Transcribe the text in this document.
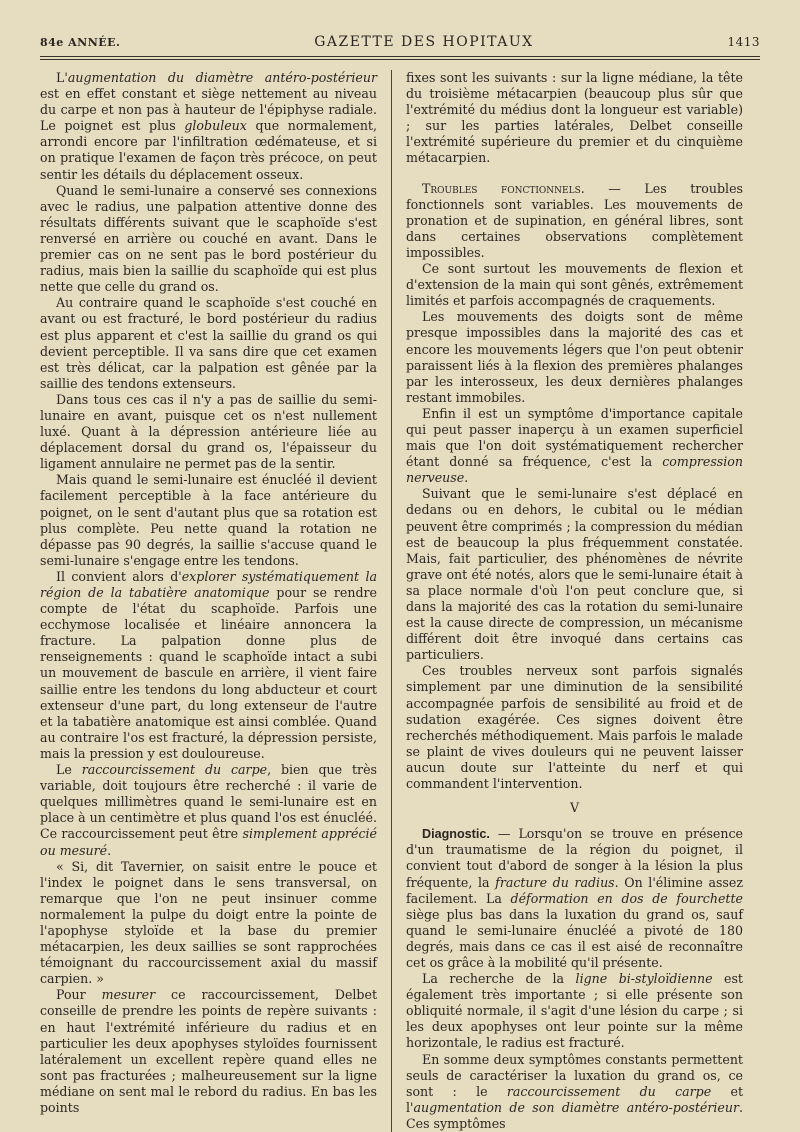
84e ANNÉE.	GAZETTE DES HOPITAUX	1413

L'augmentation du diamètre antéro-postérieur est en effet constant et siège nettement au niveau du carpe et non pas à hauteur de l'épiphyse radiale. Le poignet est plus globuleux que normalement, arrondi encore par l'infiltration œdémateuse, et si on pratique l'examen de façon très précoce, on peut sentir les détails du déplacement osseux.

Quand le semi-lunaire a conservé ses connexions avec le radius, une palpation attentive donne des résultats différents suivant que le scaphoïde s'est renversé en arrière ou couché en avant. Dans le premier cas on ne sent pas le bord postérieur du radius, mais bien la saillie du scaphoïde qui est plus nette que celle du grand os.

Au contraire quand le scaphoïde s'est couché en avant ou est fracturé, le bord postérieur du radius est plus apparent et c'est la saillie du grand os qui devient perceptible. Il va sans dire que cet examen est très délicat, car la palpation est gênée par la saillie des tendons extenseurs.

Dans tous ces cas il n'y a pas de saillie du semi-lunaire en avant, puisque cet os n'est nullement luxé. Quant à la dépression antérieure liée au déplacement dorsal du grand os, l'épaisseur du ligament annulaire ne permet pas de la sentir.

Mais quand le semi-lunaire est énucléé il devient facilement perceptible à la face antérieure du poignet, on le sent d'autant plus que sa rotation est plus complète. Peu nette quand la rotation ne dépasse pas 90 degrés, la saillie s'accuse quand le semi-lunaire s'engage entre les tendons.

Il convient alors d'explorer systématiquement la région de la tabatière anatomique pour se rendre compte de l'état du scaphoïde. Parfois une ecchymose localisée et linéaire annoncera la fracture. La palpation donne plus de renseignements : quand le scaphoïde intact a subi un mouvement de bascule en arrière, il vient faire saillie entre les tendons du long abducteur et court extenseur d'une part, du long extenseur de l'autre et la tabatière anatomique est ainsi comblée. Quand au contraire l'os est fracturé, la dépression persiste, mais la pression y est douloureuse.

Le raccourcissement du carpe, bien que très variable, doit toujours être recherché : il varie de quelques millimètres quand le semi-lunaire est en place à un centimètre et plus quand l'os est énucléé. Ce raccourcissement peut être simplement apprécié ou mesuré.

« Si, dit Tavernier, on saisit entre le pouce et l'index le poignet dans le sens transversal, on remarque que l'on ne peut insinuer comme normalement la pulpe du doigt entre la pointe de l'apophyse styloïde et la base du premier métacarpien, les deux saillies se sont rapprochées témoignant du raccourcissement axial du massif carpien. »

Pour mesurer ce raccourcissement, Delbet conseille de prendre les points de repère suivants : en haut l'extrémité inférieure du radius et en particulier les deux apophyses styloïdes fournissent latéralement un excellent repère quand elles ne sont pas fracturées ; malheureusement sur la ligne médiane on sent mal le rebord du radius. En bas les points

fixes sont les suivants : sur la ligne médiane, la tête du troisième métacarpien (beaucoup plus sûr que l'extrémité du médius dont la longueur est variable) ; sur les parties latérales, Delbet conseille l'extrémité supérieure du premier et du cinquième métacarpien.

Troubles fonctionnels. — Les troubles fonctionnels sont variables. Les mouvements de pronation et de supination, en général libres, sont dans certaines observations complètement impossibles.

Ce sont surtout les mouvements de flexion et d'extension de la main qui sont gênés, extrêmement limités et parfois accompagnés de craquements.

Les mouvements des doigts sont de même presque impossibles dans la majorité des cas et encore les mouvements légers que l'on peut obtenir paraissent liés à la flexion des premières phalanges par les interosseux, les deux dernières phalanges restant immobiles.

Enfin il est un symptôme d'importance capitale qui peut passer inaperçu à un examen superficiel mais que l'on doit systématiquement rechercher étant donné sa fréquence, c'est la compression nerveuse.

Suivant que le semi-lunaire s'est déplacé en dedans ou en dehors, le cubital ou le médian peuvent être comprimés ; la compression du médian est de beaucoup la plus fréquemment constatée. Mais, fait particulier, des phénomènes de névrite grave ont été notés, alors que le semi-lunaire était à sa place normale d'où l'on peut conclure que, si dans la majorité des cas la rotation du semi-lunaire est la cause directe de compression, un mécanisme différent doit être invoqué dans certains cas particuliers.

Ces troubles nerveux sont parfois signalés simplement par une diminution de la sensibilité accompagnée parfois de sensibilité au froid et de sudation exagérée. Ces signes doivent être recherchés méthodiquement. Mais parfois le malade se plaint de vives douleurs qui ne peuvent laisser aucun doute sur l'atteinte du nerf et qui commandent l'intervention.

V

Diagnostic. — Lorsqu'on se trouve en présence d'un traumatisme de la région du poignet, il convient tout d'abord de songer à la lésion la plus fréquente, la fracture du radius. On l'élimine assez facilement. La déformation en dos de fourchette siège plus bas dans la luxation du grand os, sauf quand le semi-lunaire énucléé a pivoté de 180 degrés, mais dans ce cas il est aisé de reconnaître cet os grâce à la mobilité qu'il présente.

La recherche de la ligne bi-styloïdienne est également très importante ; si elle présente son obliquité normale, il s'agit d'une lésion du carpe ; si les deux apophyses ont leur pointe sur la même horizontale, le radius est fracturé.

En somme deux symptômes constants permettent seuls de caractériser la luxation du grand os, ce sont : le raccourcissement du carpe et l'augmentation de son diamètre antéro-postérieur. Ces symptômes
